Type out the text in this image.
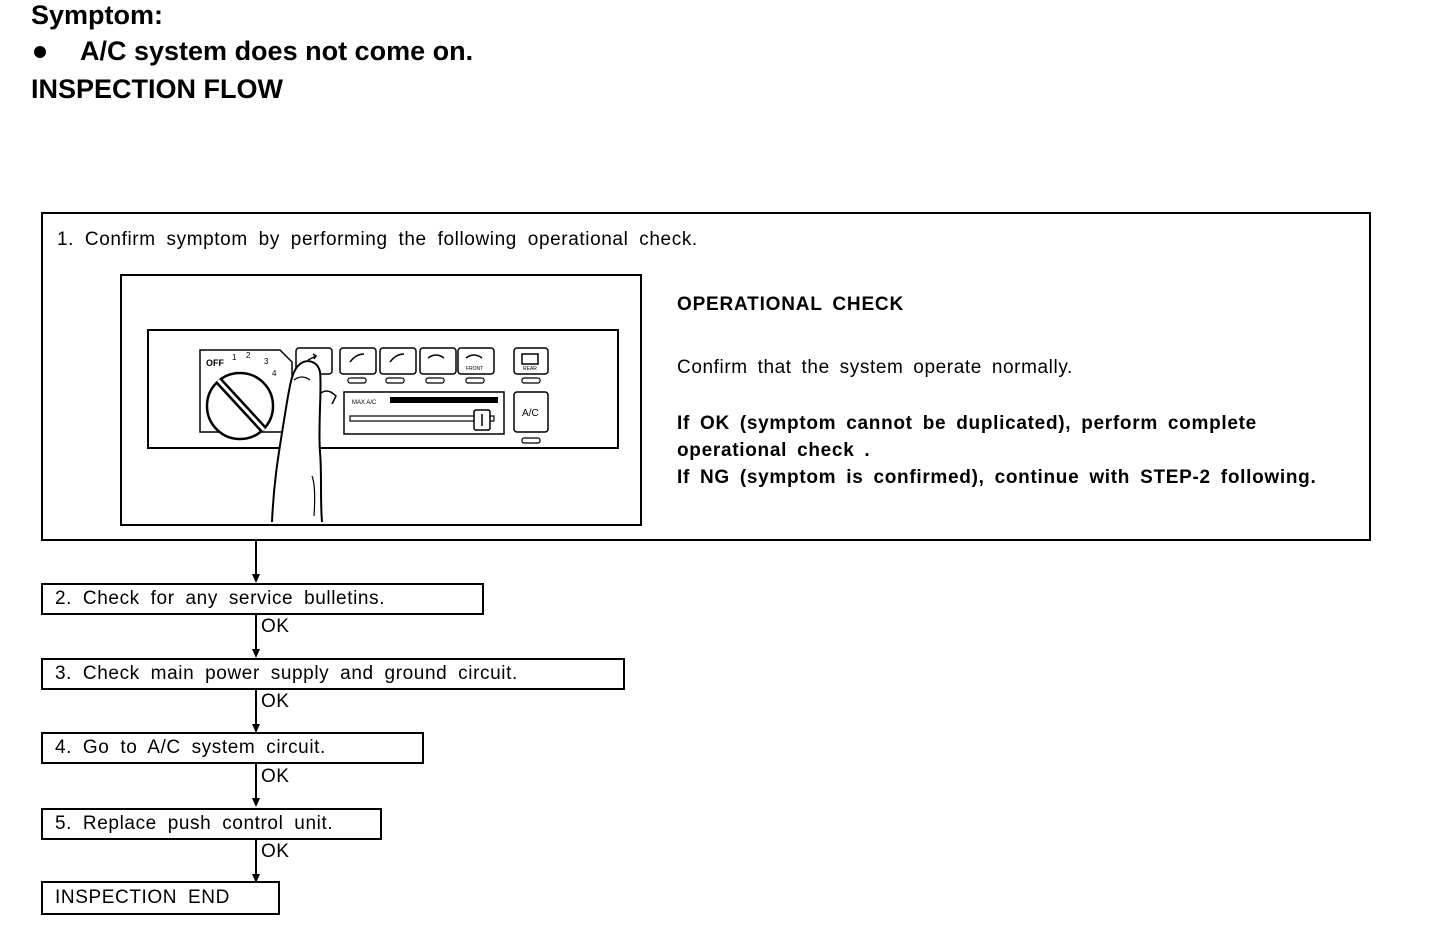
Symptom:
A/C system does not come on.
INSPECTION FLOW
1. Confirm symptom by performing the following operational check.
OFF
1 2
3
4	FRONT	REAR
MAX A/C
A/C
OPERATIONAL CHECK
Confirm that the system operate normally.
If OK (symptom cannot be duplicated), perform complete
operational check .
If NG (symptom is confirmed), continue with STEP-2 following.
2. Check for any service bulletins.
OK
3. Check main power supply and ground circuit.
OK
4. Go to A/C system circuit.
OK
5. Replace push control unit.
OK
INSPECTION END
